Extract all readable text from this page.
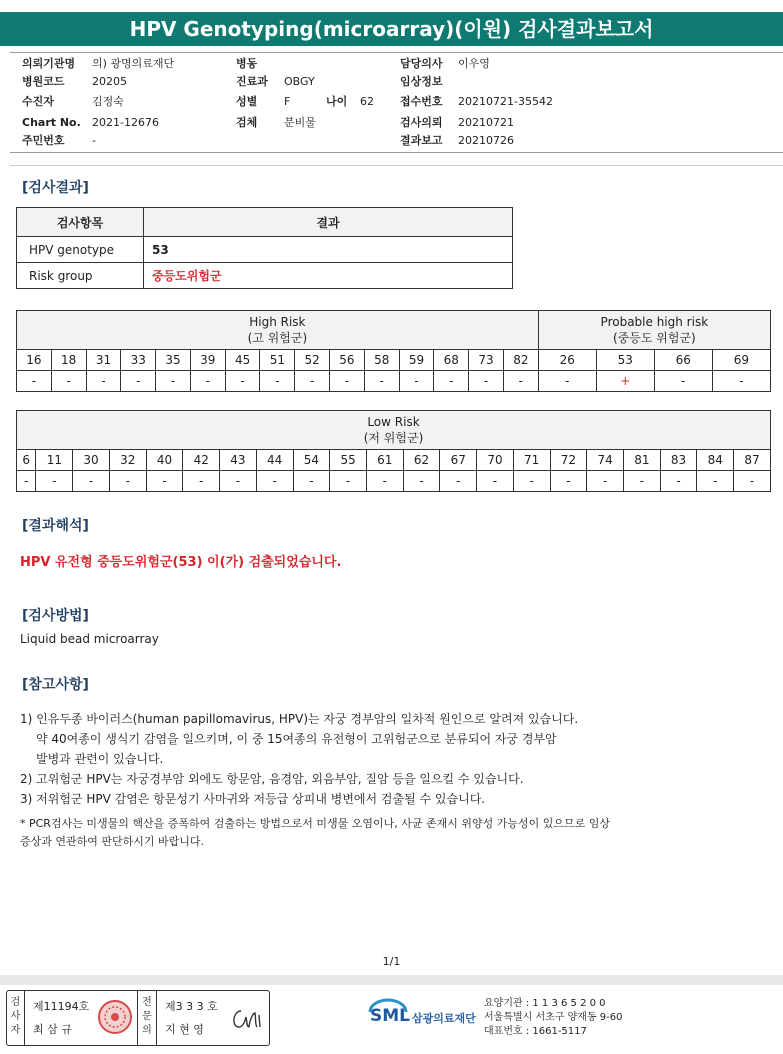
HPV Genotyping(microarray)(이원) 검사결과보고서
의뢰기관명 의) 광명의료재단
병원코드 20205
수진자	김정숙
Chart No. 2021-12676
주민번호 -
병동
진료과 OBGY
성별 F	나이 62
검체 분비물
담당의사 이우영
임상정보
접수번호 20210721-35542
검사의뢰 20210721
결과보고 20210726
[검사결과]
검사항목	결과
HPV genotype	53
Risk group	중등도위험군
High Risk
(고 위험군)															Probable high risk
(중등도 위험군)			
16	18	31	33	35	39	45	51	52	56	58	59	68	73	82	26	53	66	69
-	-	-	-	-	-	-	-	-	-	-	-	-	-	-	-	+	-	-
Low Risk
(저 위험군)																				
6	11	30	32	40	42	43	44	54	55	61	62	67	70	71	72	74	81	83	84	87
-	-	-	-	-	-	-	-	-	-	-	-	-	-	-	-	-	-	-	-	-
[결과해석]
HPV 유전형 중등도위험군(53) 이(가) 검출되었습니다.
[검사방법]
Liquid bead microarray
[참고사항]
1) 인유두종 바이러스(human papillomavirus, HPV)는 자궁 경부암의 일차적 원인으로 알려져 있습니다.
약 40여종이 생식기 감염을 일으키며, 이 중 15여종의 유전형이 고위험군으로 분류되어 자궁 경부암
발병과 관련이 있습니다.
2) 고위험군 HPV는 자궁경부암 외에도 항문암, 음경암, 외음부암, 질암 등을 일으킬 수 있습니다.
3) 저위험군 HPV 감염은 항문성기 사마귀와 저등급 상피내 병변에서 검출될 수 있습니다.
* PCR검사는 미생물의 핵산을 증폭하여 검출하는 방법으로서 미생물 오염이나, 사균 존재시 위양성 가능성이 있으므로 임상
증상과 연관하여 판단하시기 바랍니다.
1/1
검사자
제11194호
최 삼 규
전문의
제3 3 3 호
지 현 영
SML 삼광의료재단
요양기관 : 1 1 3 6 5 2 0 0
서울특별시 서초구 양재동 9-60
대표번호 : 1661-5117
